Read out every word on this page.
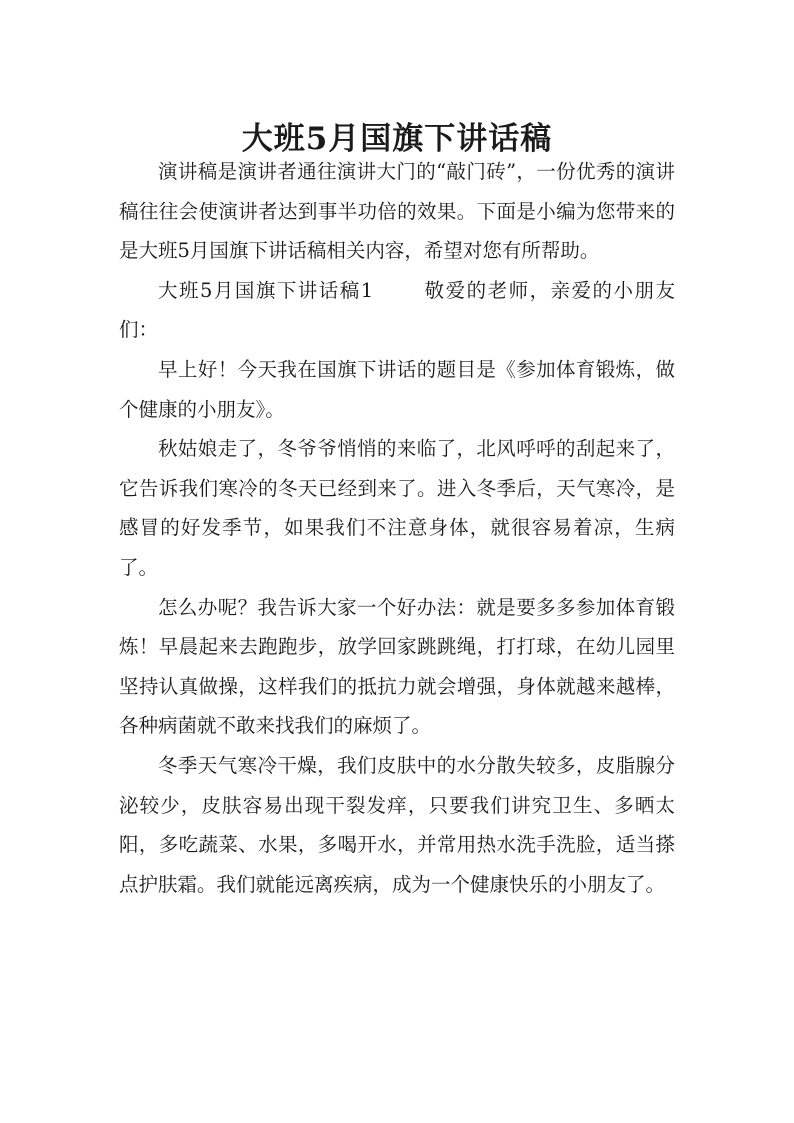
大班5月国旗下讲话稿

演讲稿是演讲者通往演讲大门的“敲门砖”，一份优秀的演讲稿往往会使演讲者达到事半功倍的效果。下面是小编为您带来的是大班5月国旗下讲话稿相关内容，希望对您有所帮助。

大班5月国旗下讲话稿1	敬爱的老师，亲爱的小朋友们：

早上好！今天我在国旗下讲话的题目是《参加体育锻炼，做个健康的小朋友》。

秋姑娘走了，冬爷爷悄悄的来临了，北风呼呼的刮起来了，它告诉我们寒冷的冬天已经到来了。进入冬季后，天气寒冷，是感冒的好发季节，如果我们不注意身体，就很容易着凉，生病了。

怎么办呢？我告诉大家一个好办法：就是要多多参加体育锻炼！早晨起来去跑跑步，放学回家跳跳绳，打打球，在幼儿园里坚持认真做操，这样我们的抵抗力就会增强，身体就越来越棒，各种病菌就不敢来找我们的麻烦了。

冬季天气寒冷干燥，我们皮肤中的水分散失较多，皮脂腺分泌较少，皮肤容易出现干裂发痒，只要我们讲究卫生、多晒太阳，多吃蔬菜、水果，多喝开水，并常用热水洗手洗脸，适当搽点护肤霜。我们就能远离疾病，成为一个健康快乐的小朋友了。
